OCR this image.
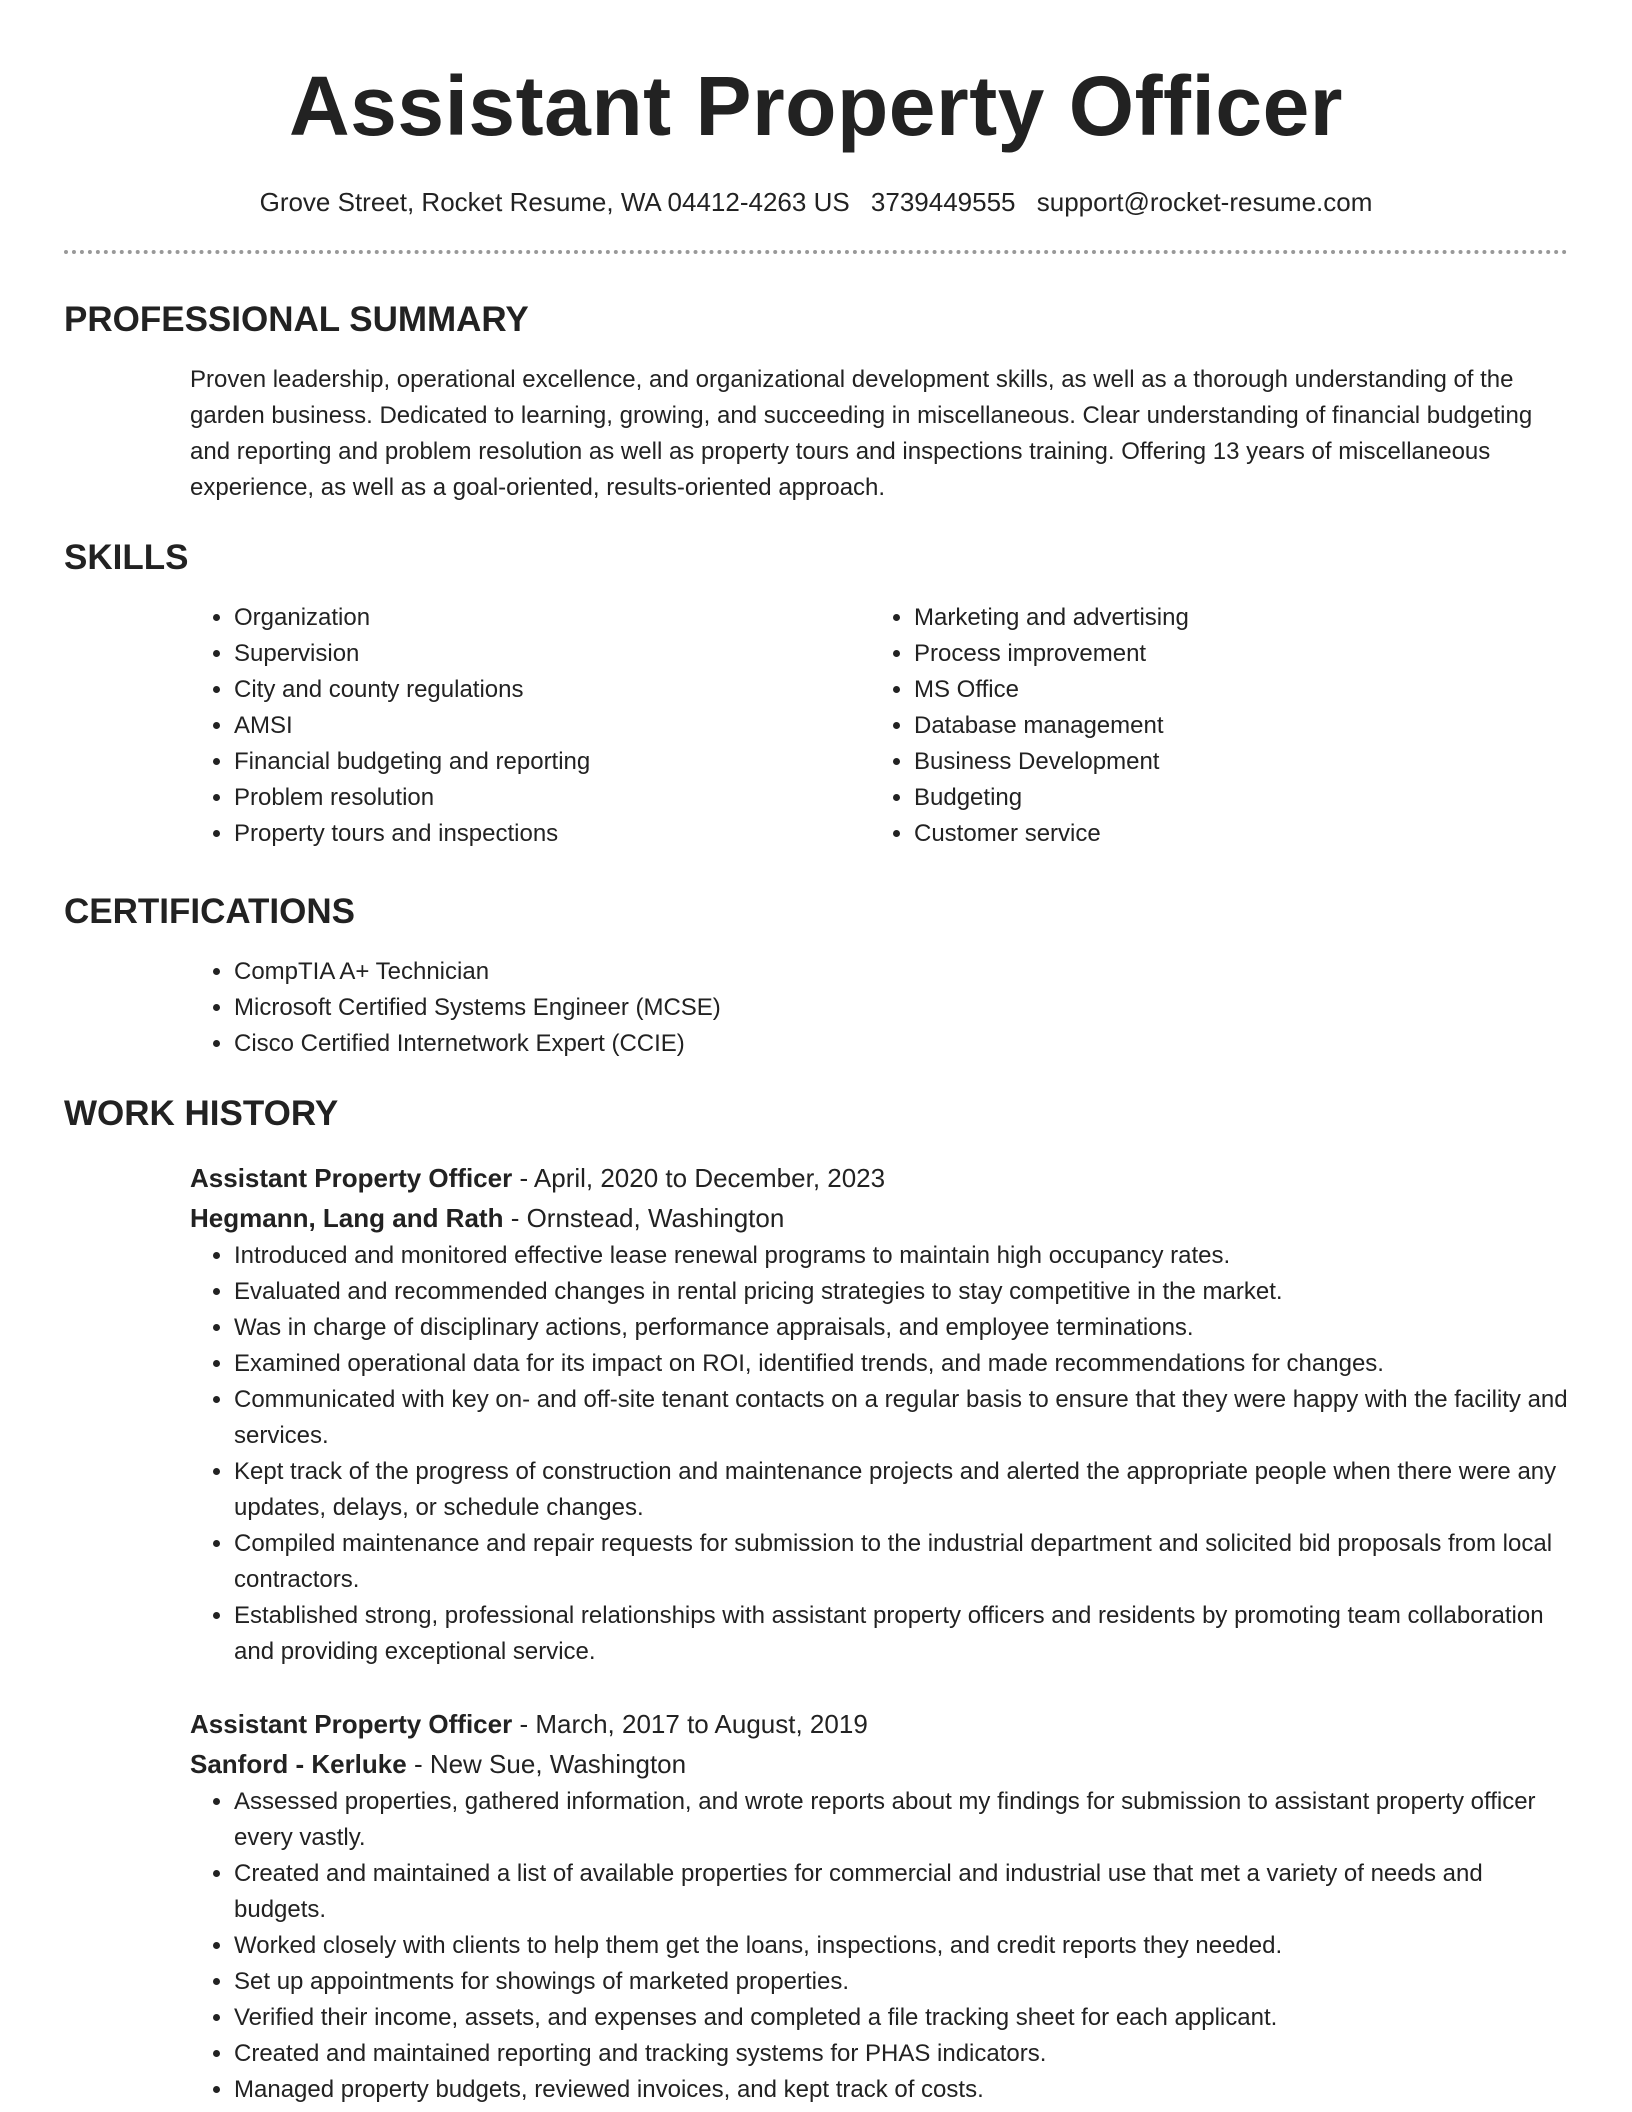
Assistant Property Officer
Grove Street, Rocket Resume, WA 04412-4263 US 3739449555 support@rocket-resume.com
PROFESSIONAL SUMMARY

Proven leadership, operational excellence, and organizational development skills, as well as a thorough understanding of the garden business. Dedicated to learning, growing, and succeeding in miscellaneous. Clear understanding of financial budgeting and reporting and problem resolution as well as property tours and inspections training. Offering 13 years of miscellaneous experience, as well as a goal-oriented, results-oriented approach.

SKILLS
• Organization
• Supervision
• City and county regulations
• AMSI
• Financial budgeting and reporting
• Problem resolution
• Property tours and inspections
• Marketing and advertising
• Process improvement
• MS Office
• Database management
• Business Development
• Budgeting
• Customer service
CERTIFICATIONS
• CompTIA A+ Technician
• Microsoft Certified Systems Engineer (MCSE)
• Cisco Certified Internetwork Expert (CCIE)
WORK HISTORY
Assistant Property Officer - April, 2020 to December, 2023
Hegmann, Lang and Rath - Ornstead, Washington
• Introduced and monitored effective lease renewal programs to maintain high occupancy rates.
• Evaluated and recommended changes in rental pricing strategies to stay competitive in the market.
• Was in charge of disciplinary actions, performance appraisals, and employee terminations.
• Examined operational data for its impact on ROI, identified trends, and made recommendations for changes.
• Communicated with key on- and off-site tenant contacts on a regular basis to ensure that they were happy with the facility and services.
• Kept track of the progress of construction and maintenance projects and alerted the appropriate people when there were any updates, delays, or schedule changes.
• Compiled maintenance and repair requests for submission to the industrial department and solicited bid proposals from local contractors.
• Established strong, professional relationships with assistant property officers and residents by promoting team collaboration and providing exceptional service.
Assistant Property Officer - March, 2017 to August, 2019
Sanford - Kerluke - New Sue, Washington
• Assessed properties, gathered information, and wrote reports about my findings for submission to assistant property officer every vastly.
• Created and maintained a list of available properties for commercial and industrial use that met a variety of needs and budgets.
• Worked closely with clients to help them get the loans, inspections, and credit reports they needed.
• Set up appointments for showings of marketed properties.
• Verified their income, assets, and expenses and completed a file tracking sheet for each applicant.
• Created and maintained reporting and tracking systems for PHAS indicators.
• Managed property budgets, reviewed invoices, and kept track of costs.
